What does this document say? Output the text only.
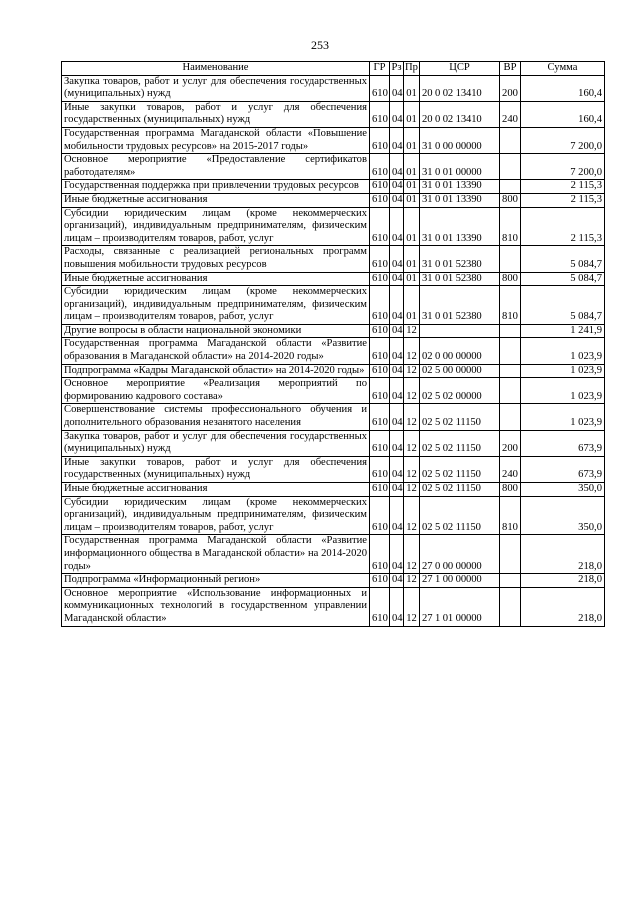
253
Наименование	ГР	Рз	Пр	ЦСР	ВР	Сумма
Закупка товаров, работ и услуг для обеспечения государственных (муниципальных) нужд	610	04	01	20 0 02 13410	200	160,4
Иные закупки товаров, работ и услуг для обеспечения государственных (муниципальных) нужд	610	04	01	20 0 02 13410	240	160,4
Государственная программа Магаданской области «Повышение мобильности трудовых ресурсов» на 2015-2017 годы»	610	04	01	31 0 00 00000		7 200,0
Основное мероприятие «Предоставление сертификатов работодателям»	610	04	01	31 0 01 00000		7 200,0
Государственная поддержка при привлечении трудовых ресурсов	610	04	01	31 0 01 13390		2 115,3
Иные бюджетные ассигнования	610	04	01	31 0 01 13390	800	2 115,3
Субсидии юридическим лицам (кроме некоммерческих организаций), индивидуальным предпринимателям, физическим лицам – производителям товаров, работ, услуг	610	04	01	31 0 01 13390	810	2 115,3
Расходы, связанные с реализацией региональных программ повышения мобильности трудовых ресурсов	610	04	01	31 0 01 52380		5 084,7
Иные бюджетные ассигнования	610	04	01	31 0 01 52380	800	5 084,7
Субсидии юридическим лицам (кроме некоммерческих организаций), индивидуальным предпринимателям, физическим лицам – производителям товаров, работ, услуг	610	04	01	31 0 01 52380	810	5 084,7
Другие вопросы в области национальной экономики	610	04	12			1 241,9
Государственная программа Магаданской области «Развитие образования в Магаданской области» на 2014-2020 годы»	610	04	12	02 0 00 00000		1 023,9
Подпрограмма «Кадры Магаданской области» на 2014-2020 годы»	610	04	12	02 5 00 00000		1 023,9
Основное мероприятие «Реализация мероприятий по формированию кадрового состава»	610	04	12	02 5 02 00000		1 023,9
Совершенствование системы профессионального обучения и дополнительного образования незанятого населения	610	04	12	02 5 02 11150		1 023,9
Закупка товаров, работ и услуг для обеспечения государственных (муниципальных) нужд	610	04	12	02 5 02 11150	200	673,9
Иные закупки товаров, работ и услуг для обеспечения государственных (муниципальных) нужд	610	04	12	02 5 02 11150	240	673,9
Иные бюджетные ассигнования	610	04	12	02 5 02 11150	800	350,0
Субсидии юридическим лицам (кроме некоммерческих организаций), индивидуальным предпринимателям, физическим лицам – производителям товаров, работ, услуг	610	04	12	02 5 02 11150	810	350,0
Государственная программа Магаданской области «Развитие информационного общества в Магаданской области» на 2014-2020 годы»	610	04	12	27 0 00 00000		218,0
Подпрограмма «Информационный регион»	610	04	12	27 1 00 00000		218,0
Основное мероприятие «Использование информационных и коммуникационных технологий в государственном управлении Магаданской области»	610	04	12	27 1 01 00000		218,0
